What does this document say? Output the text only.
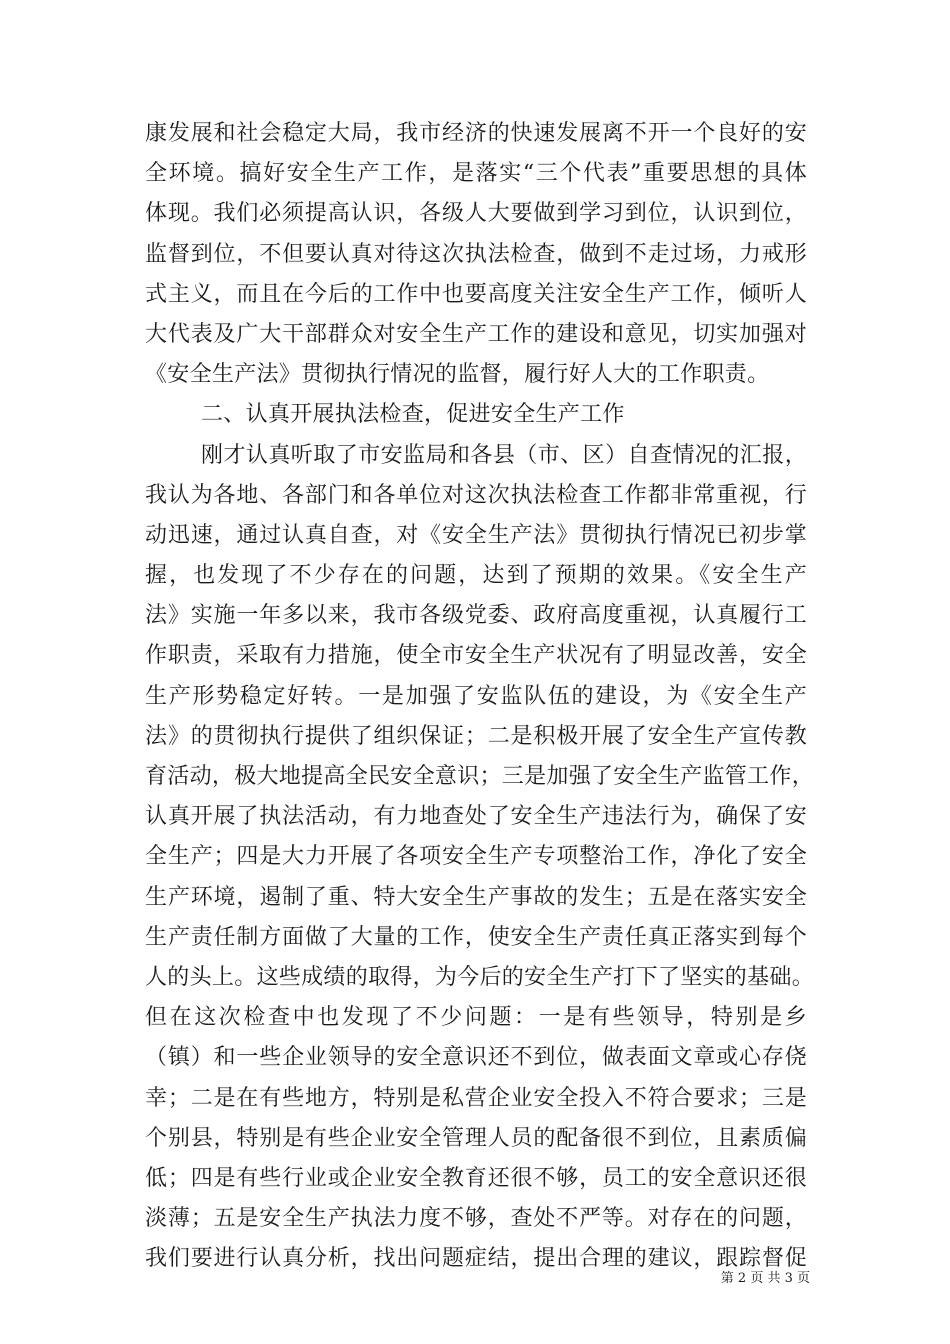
康发展和社会稳定大局，我市经济的快速发展离不开一个良好的安
全环境。搞好安全生产工作，是落实“三个代表”重要思想的具体
体现。我们必须提高认识，各级人大要做到学习到位，认识到位，
监督到位，不但要认真对待这次执法检查，做到不走过场，力戒形
式主义，而且在今后的工作中也要高度关注安全生产工作，倾听人
大代表及广大干部群众对安全生产工作的建设和意见，切实加强对
《安全生产法》贯彻执行情况的监督，履行好人大的工作职责。
二、认真开展执法检查，促进安全生产工作
刚才认真听取了市安监局和各县（市、区）自查情况的汇报，
我认为各地、各部门和各单位对这次执法检查工作都非常重视，行
动迅速，通过认真自查，对《安全生产法》贯彻执行情况已初步掌
握，也发现了不少存在的问题，达到了预期的效果。《安全生产
法》实施一年多以来，我市各级党委、政府高度重视，认真履行工
作职责，采取有力措施，使全市安全生产状况有了明显改善，安全
生产形势稳定好转。一是加强了安监队伍的建设，为《安全生产
法》的贯彻执行提供了组织保证；二是积极开展了安全生产宣传教
育活动，极大地提高全民安全意识；三是加强了安全生产监管工作，
认真开展了执法活动，有力地查处了安全生产违法行为，确保了安
全生产；四是大力开展了各项安全生产专项整治工作，净化了安全
生产环境，遏制了重、特大安全生产事故的发生；五是在落实安全
生产责任制方面做了大量的工作，使安全生产责任真正落实到每个
人的头上。这些成绩的取得，为今后的安全生产打下了坚实的基础。
但在这次检查中也发现了不少问题：一是有些领导，特别是乡
（镇）和一些企业领导的安全意识还不到位，做表面文章或心存侥
幸；二是在有些地方，特别是私营企业安全投入不符合要求；三是
个别县，特别是有些企业安全管理人员的配备很不到位，且素质偏
低；四是有些行业或企业安全教育还很不够，员工的安全意识还很
淡薄；五是安全生产执法力度不够，查处不严等。对存在的问题，
我们要进行认真分析，找出问题症结，提出合理的建议，跟踪督促
第 2 页 共 3 页
